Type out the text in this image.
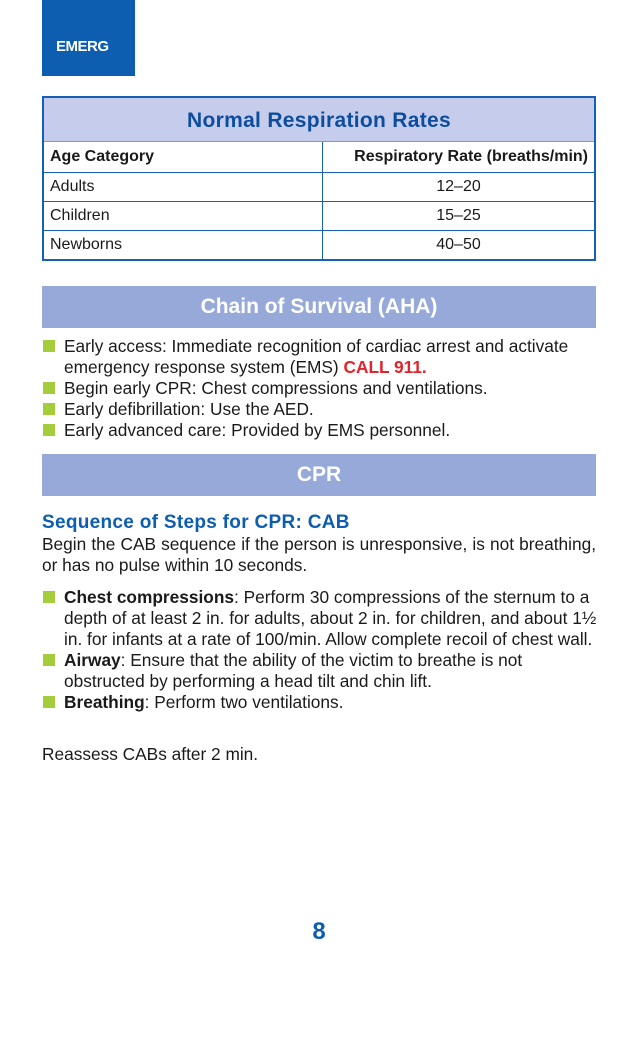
EMERG
Normal Respiration Rates
Age Category	Respiratory Rate (breaths/min)
Adults	12–20
Children	15–25
Newborns	40–50
Chain of Survival (AHA)
Early access: Immediate recognition of cardiac arrest and activate emergency response system (EMS) CALL 911.
Begin early CPR: Chest compressions and ventilations.
Early defibrillation: Use the AED.
Early advanced care: Provided by EMS personnel.
CPR
Sequence of Steps for CPR: CAB
Begin the CAB sequence if the person is unresponsive, is not breathing, or has no pulse within 10 seconds.
Chest compressions: Perform 30 compressions of the sternum to a depth of at least 2 in. for adults, about 2 in. for children, and about 1½ in. for infants at a rate of 100/min. Allow complete recoil of chest wall.
Airway: Ensure that the ability of the victim to breathe is not obstructed by performing a head tilt and chin lift.
Breathing: Perform two ventilations.
Reassess CABs after 2 min.
8
